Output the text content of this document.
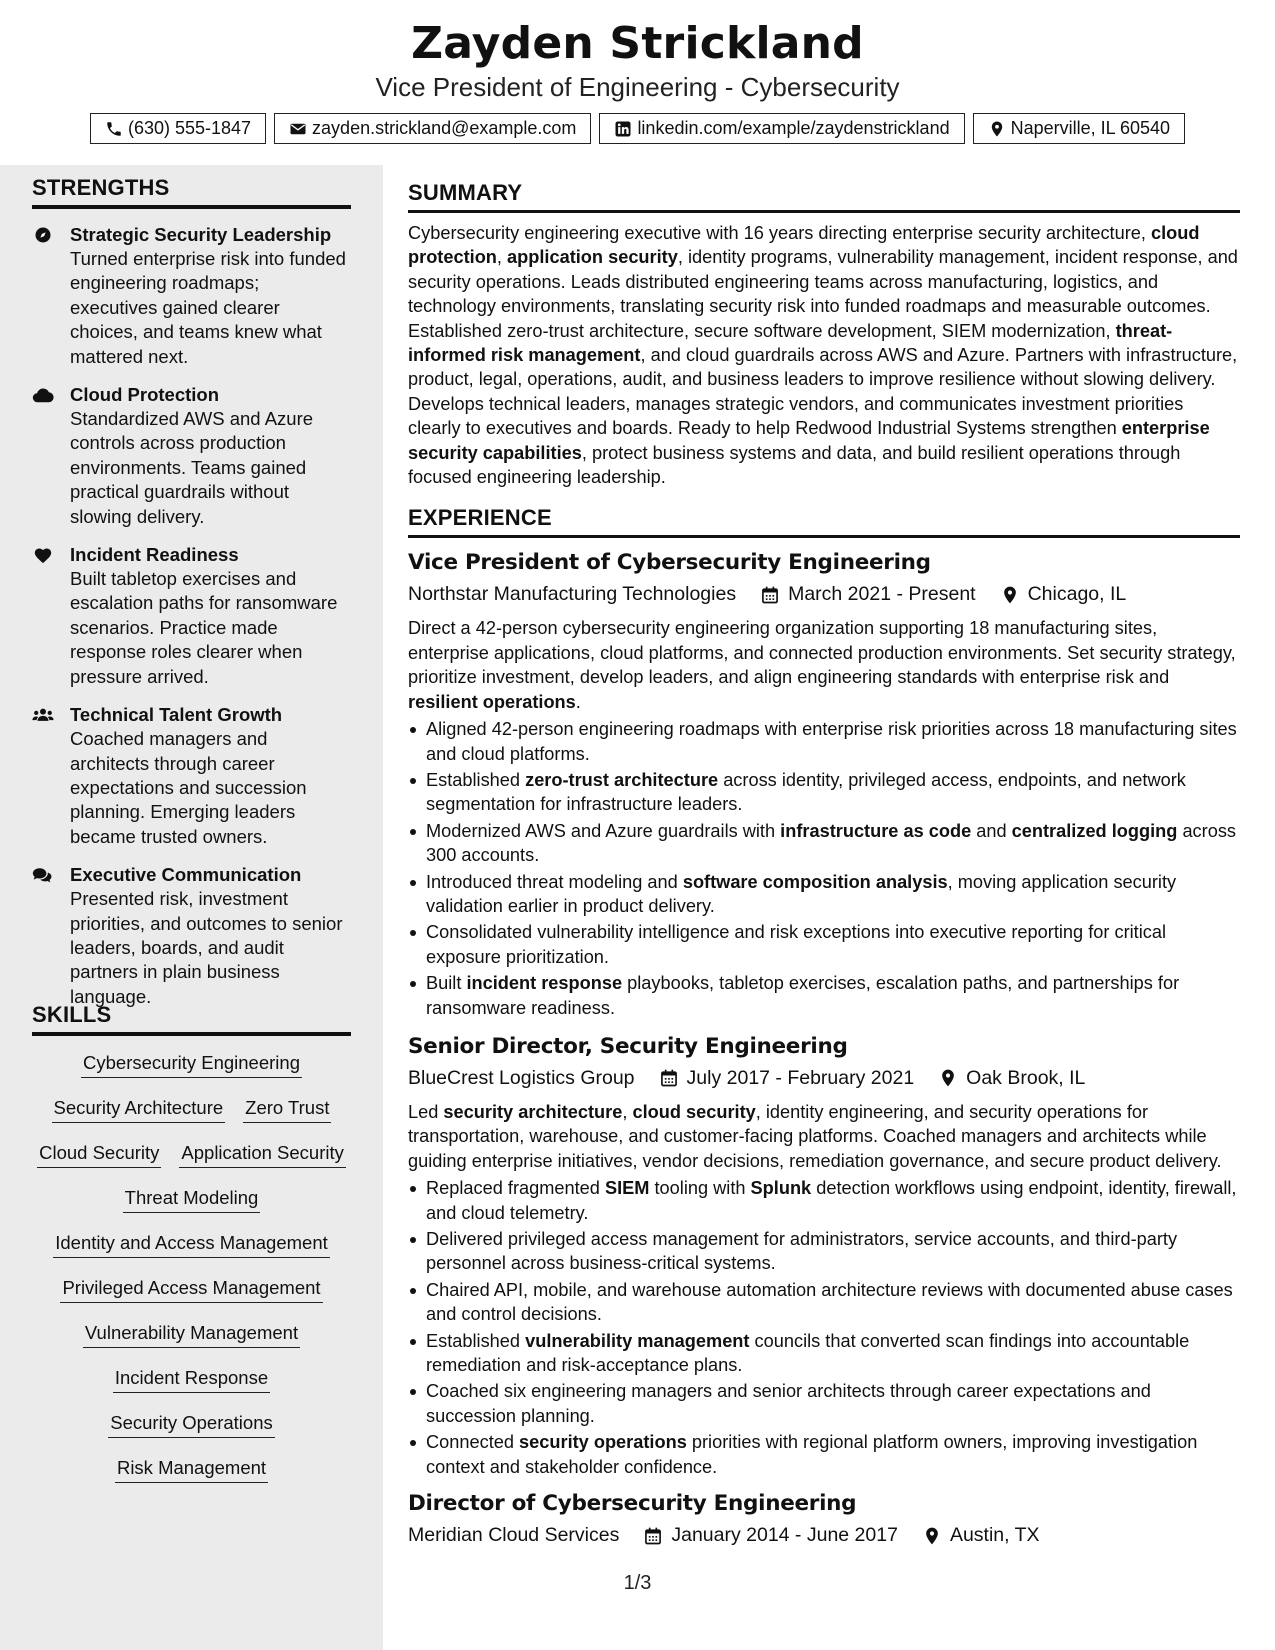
Zayden Strickland
Vice President of Engineering - Cybersecurity
(630) 555-1847	zayden.strickland@example.com	linkedin.com/example/zaydenstrickland	Naperville, IL 60540
STRENGTHS
Strategic Security Leadership
Turned enterprise risk into funded engineering roadmaps; executives gained clearer choices, and teams knew what mattered next.
Cloud Protection
Standardized AWS and Azure controls across production environments. Teams gained practical guardrails without slowing delivery.
Incident Readiness
Built tabletop exercises and escalation paths for ransomware scenarios. Practice made response roles clearer when pressure arrived.
Technical Talent Growth
Coached managers and architects through career expectations and succession planning. Emerging leaders became trusted owners.
Executive Communication
Presented risk, investment priorities, and outcomes to senior leaders, boards, and audit partners in plain business language.
SKILLS
Cybersecurity Engineering
Security Architecture Zero Trust
Cloud Security Application Security
Threat Modeling
Identity and Access Management
Privileged Access Management
Vulnerability Management
Incident Response
Security Operations
Risk Management
SUMMARY
Cybersecurity engineering executive with 16 years directing enterprise security architecture, cloud protection, application security, identity programs, vulnerability management, incident response, and security operations. Leads distributed engineering teams across manufacturing, logistics, and technology environments, translating security risk into funded roadmaps and measurable outcomes. Established zero-trust architecture, secure software development, SIEM modernization, threat-informed risk management, and cloud guardrails across AWS and Azure. Partners with infrastructure, product, legal, operations, audit, and business leaders to improve resilience without slowing delivery. Develops technical leaders, manages strategic vendors, and communicates investment priorities clearly to executives and boards. Ready to help Redwood Industrial Systems strengthen enterprise security capabilities, protect business systems and data, and build resilient operations through focused engineering leadership.
EXPERIENCE
Vice President of Cybersecurity Engineering
Northstar Manufacturing Technologies	March 2021 - Present	Chicago, IL
Direct a 42-person cybersecurity engineering organization supporting 18 manufacturing sites, enterprise applications, cloud platforms, and connected production environments. Set security strategy, prioritize investment, develop leaders, and align engineering standards with enterprise risk and resilient operations.
Aligned 42-person engineering roadmaps with enterprise risk priorities across 18 manufacturing sites and cloud platforms.
Established zero-trust architecture across identity, privileged access, endpoints, and network segmentation for infrastructure leaders.
Modernized AWS and Azure guardrails with infrastructure as code and centralized logging across 300 accounts.
Introduced threat modeling and software composition analysis, moving application security validation earlier in product delivery.
Consolidated vulnerability intelligence and risk exceptions into executive reporting for critical exposure prioritization.
Built incident response playbooks, tabletop exercises, escalation paths, and partnerships for ransomware readiness.
Senior Director, Security Engineering
BlueCrest Logistics Group	July 2017 - February 2021	Oak Brook, IL
Led security architecture, cloud security, identity engineering, and security operations for transportation, warehouse, and customer-facing platforms. Coached managers and architects while guiding enterprise initiatives, vendor decisions, remediation governance, and secure product delivery.
Replaced fragmented SIEM tooling with Splunk detection workflows using endpoint, identity, firewall, and cloud telemetry.
Delivered privileged access management for administrators, service accounts, and third-party personnel across business-critical systems.
Chaired API, mobile, and warehouse automation architecture reviews with documented abuse cases and control decisions.
Established vulnerability management councils that converted scan findings into accountable remediation and risk-acceptance plans.
Coached six engineering managers and senior architects through career expectations and succession planning.
Connected security operations priorities with regional platform owners, improving investigation context and stakeholder confidence.
Director of Cybersecurity Engineering
Meridian Cloud Services	January 2014 - June 2017	Austin, TX
1/3
